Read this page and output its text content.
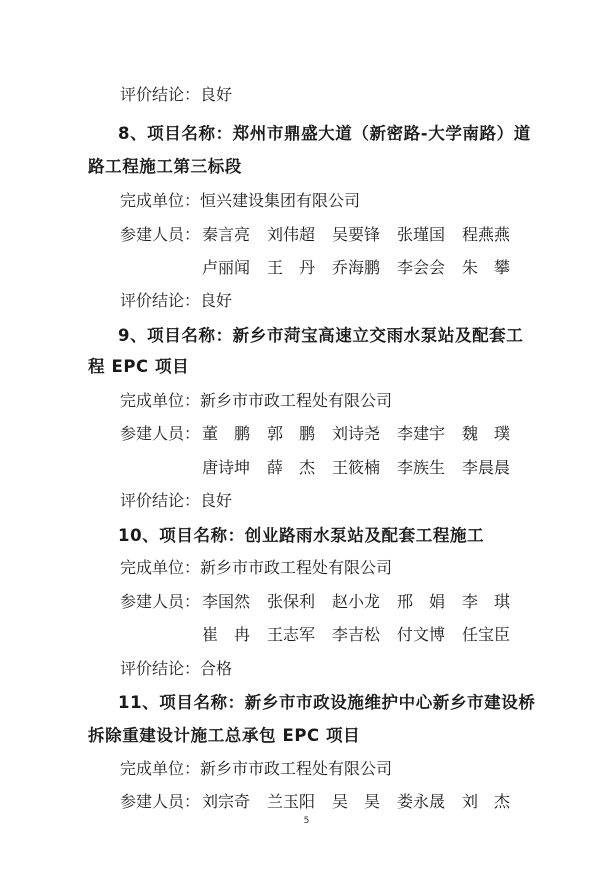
评价结论：良好
8、项目名称：郑州市鼎盛大道（新密路-大学南路）道
路工程施工第三标段
完成单位：恒兴建设集团有限公司
参建人员： 秦言亮 刘伟超 吴要锋 张瑾国 程燕燕
卢丽闻 王　丹 乔海鹏 李会会 朱　攀
评价结论：良好
9、项目名称：新乡市菏宝高速立交雨水泵站及配套工
程 EPC 项目
完成单位：新乡市市政工程处有限公司
参建人员： 董　鹏 郭　鹏 刘诗尧 李建宇 魏　璞
唐诗坤 薛　杰 王筱楠 李族生 李晨晨
评价结论：良好
10、项目名称：创业路雨水泵站及配套工程施工
完成单位：新乡市市政工程处有限公司
参建人员： 李国然 张保利 赵小龙 邢　娟 李　琪
崔　冉 王志军 李吉松 付文博 任宝臣
评价结论：合格
11、项目名称：新乡市市政设施维护中心新乡市建设桥
拆除重建设计施工总承包 EPC 项目
完成单位：新乡市市政工程处有限公司
参建人员： 刘宗奇 兰玉阳 吴　昊 娄永晟 刘　杰
5
